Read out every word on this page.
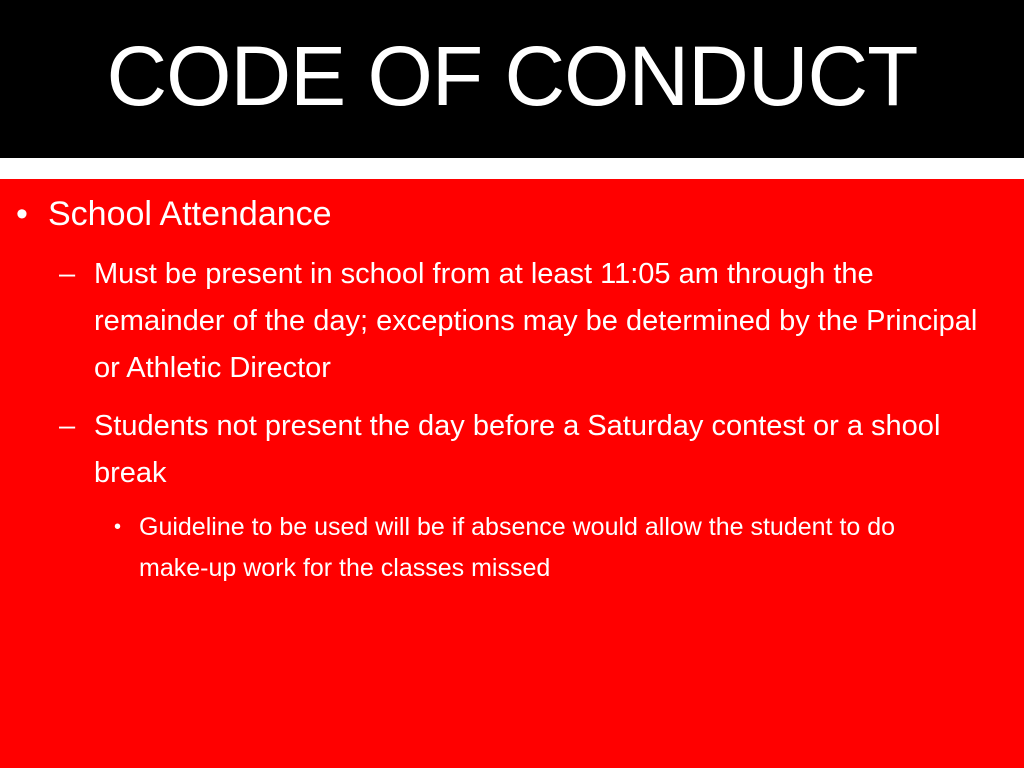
CODE OF CONDUCT
• School Attendance
– Must be present in school from at least 11:05 am through the remainder of the day; exceptions may be determined by the Principal or Athletic Director
– Students not present the day before a Saturday contest or a shool break
• Guideline to be used will be if absence would allow the student to do make-up work for the classes missed
